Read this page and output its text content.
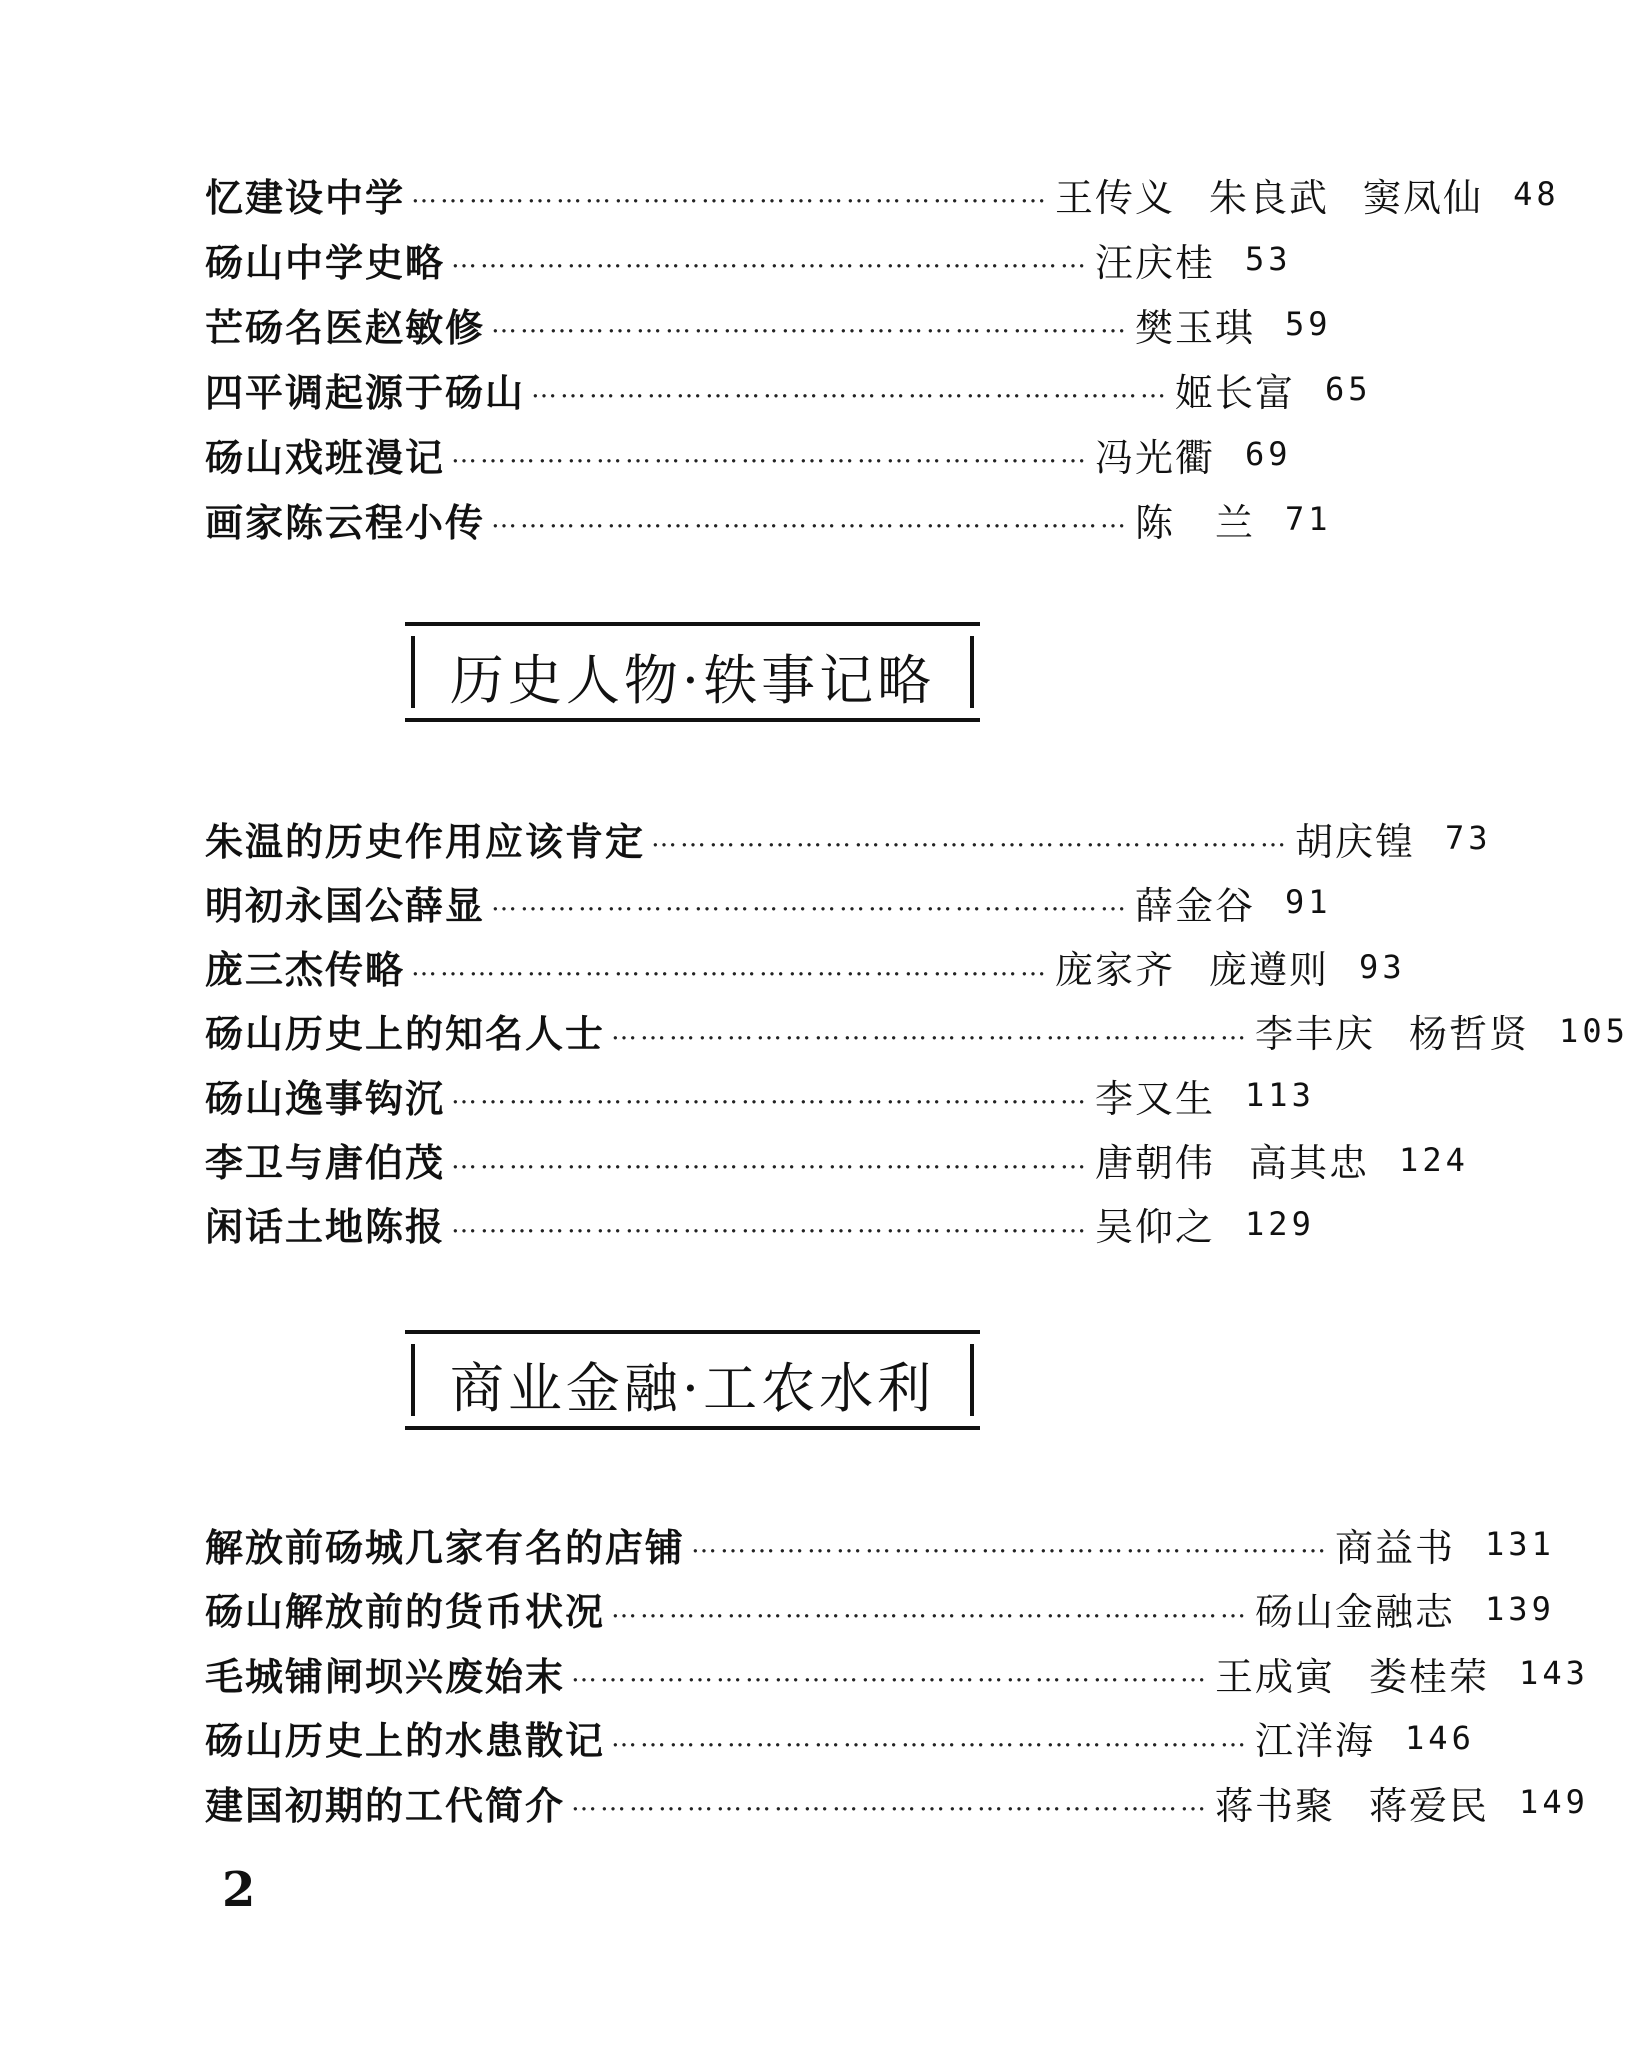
忆建设中学 ………………………………………………………… 王传义 朱良武 窦凤仙 48
砀山中学史略 ………………………………………………………… 汪庆桂 53
芒砀名医赵敏修 ………………………………………………………… 樊玉琪 59
四平调起源于砀山 ………………………………………………………… 姬长富 65
砀山戏班漫记 ………………………………………………………… 冯光衢 69
画家陈云程小传 ………………………………………………………… 陈　兰 71
历史人物·轶事记略
朱温的历史作用应该肯定 ………………………………………………………… 胡庆锽 73
明初永国公薛显 ………………………………………………………… 薛金谷 91
庞三杰传略 ………………………………………………………… 庞家齐 庞遵则 93
砀山历史上的知名人士 ………………………………………………………… 李丰庆 杨哲贤 105
砀山逸事钩沉 ………………………………………………………… 李又生 113
李卫与唐伯茂 ………………………………………………………… 唐朝伟 高其忠 124
闲话土地陈报 ………………………………………………………… 吴仰之 129
商业金融·工农水利
解放前砀城几家有名的店铺 ………………………………………………………… 商益书 131
砀山解放前的货币状况 ………………………………………………………… 砀山金融志 139
毛城铺闸坝兴废始末 ………………………………………………………… 王成寅 娄桂荣 143
砀山历史上的水患散记 ………………………………………………………… 江洋海 146
建国初期的工代简介 ………………………………………………………… 蒋书聚 蒋爱民 149
2
